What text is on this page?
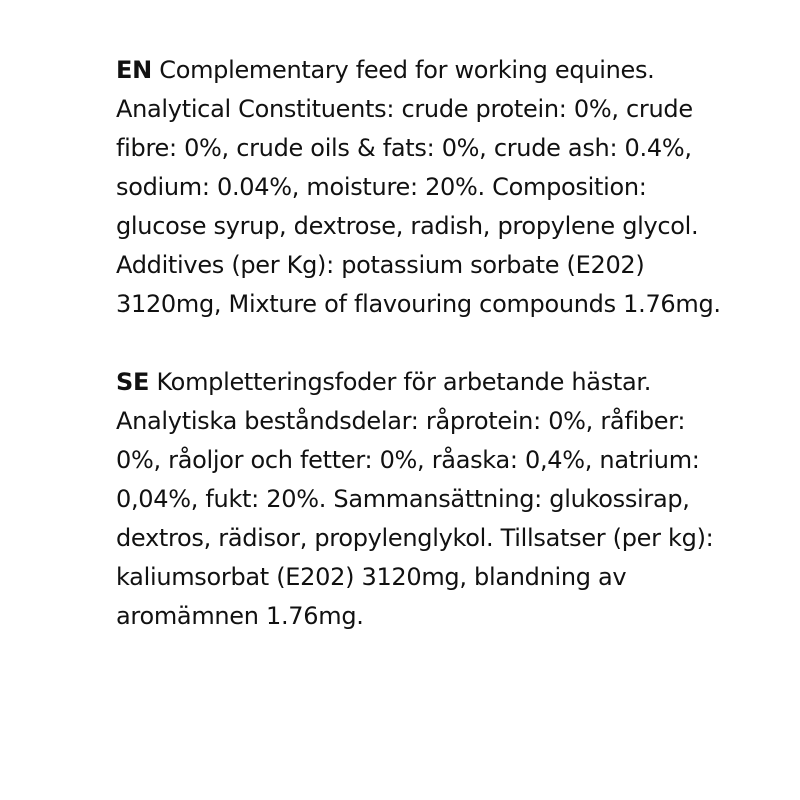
EN Complementary feed for working equines. Analytical Constituents: crude protein: 0%, crude fibre: 0%, crude oils & fats: 0%, crude ash: 0.4%, sodium: 0.04%, moisture: 20%. Composition: glucose syrup, dextrose, radish, propylene glycol. Additives (per Kg): potassium sorbate (E202) 3120mg, Mixture of flavouring compounds 1.76mg.

SE Kompletteringsfoder för arbetande hästar. Analytiska beståndsdelar: råprotein: 0%, råfiber: 0%, råoljor och fetter: 0%, råaska: 0,4%, natrium: 0,04%, fukt: 20%. Sammansättning: glukossirap, dextros, rädisor, propylenglykol. Tillsatser (per kg): kaliumsorbat (E202) 3120mg, blandning av aromämnen 1.76mg.
